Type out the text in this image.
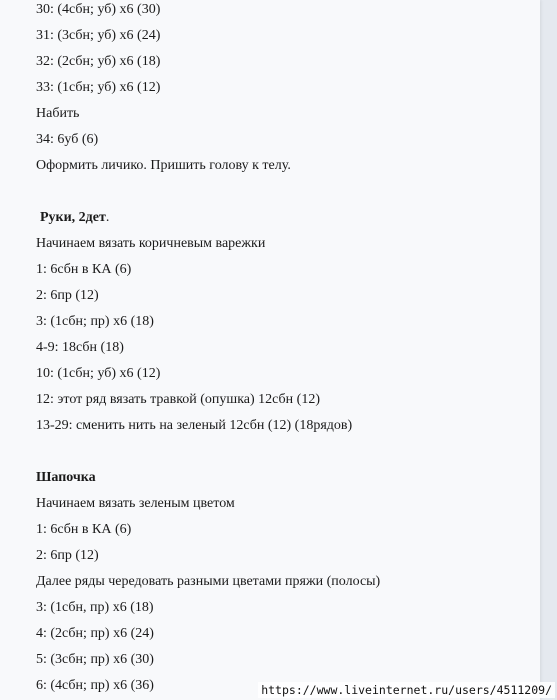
30: (4сбн; уб) х6 (30)
31: (3сбн; уб) х6 (24)
32: (2сбн; уб) х6 (18)
33: (1сбн; уб) х6 (12)
Набить
34: 6уб (6)
Оформить личико. Пришить голову к телу.
Руки, 2дет.
Начинаем вязать коричневым варежки
1: 6сбн в КА (6)
2: 6пр (12)
3: (1сбн; пр) х6 (18)
4-9: 18сбн (18)
10: (1сбн; уб) х6 (12)
12: этот ряд вязать травкой (опушка) 12сбн (12)
13-29: сменить нить на зеленый 12сбн (12) (18рядов)
Шапочка
Начинаем вязать зеленым цветом
1: 6сбн в КА (6)
2: 6пр (12)
Далее ряды чередовать разными цветами пряжи (полосы)
3: (1сбн, пр) х6 (18)
4: (2сбн; пр) х6 (24)
5: (3сбн; пр) х6 (30)
6: (4сбн; пр) х6 (36)	https://www.liveinternet.ru/users/4511209/
